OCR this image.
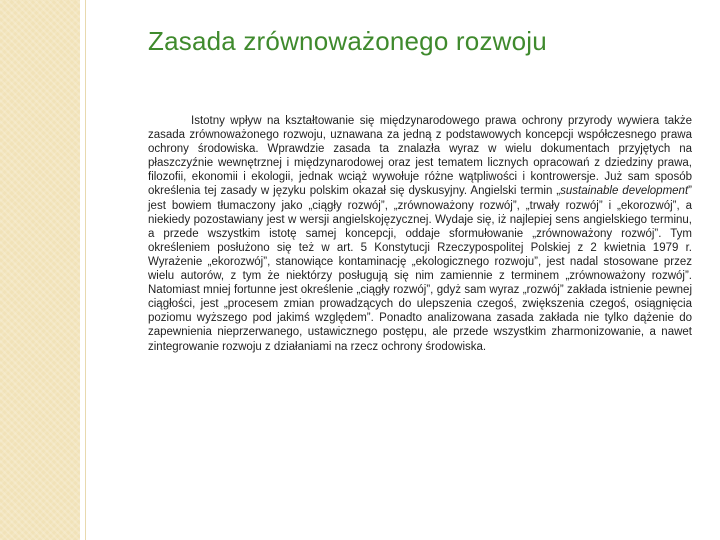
Zasada zrównoważonego rozwoju

Istotny wpływ na kształtowanie się międzynarodowego prawa ochrony przyrody wywiera także zasada zrównoważonego rozwoju, uznawana za jedną z podstawowych koncepcji współczesnego prawa ochrony środowiska. Wprawdzie zasada ta znalazła wyraz w wielu dokumentach przyjętych na płaszczyźnie wewnętrznej i międzynarodowej oraz jest tematem licznych opracowań z dziedziny prawa, filozofii, ekonomii i ekologii, jednak wciąż wywołuje różne wątpliwości i kontrowersje. Już sam sposób określenia tej zasady w języku polskim okazał się dyskusyjny. Angielski termin „sustainable development” jest bowiem tłumaczony jako „ciągły rozwój”, „zrównoważony rozwój”, „trwały rozwój” i „ekorozwój”, a niekiedy pozostawiany jest w wersji angielskojęzycznej. Wydaje się, iż najlepiej sens angielskiego terminu, a przede wszystkim istotę samej koncepcji, oddaje sformułowanie „zrównoważony rozwój”. Tym określeniem posłużono się też w art. 5 Konstytucji Rzeczypospolitej Polskiej z 2 kwietnia 1979 r. Wyrażenie „ekorozwój”, stanowiące kontaminację „ekologicznego rozwoju”, jest nadal stosowane przez wielu autorów, z tym że niektórzy posługują się nim zamiennie z terminem „zrównoważony rozwój”. Natomiast mniej fortunne jest określenie „ciągły rozwój”, gdyż sam wyraz „rozwój” zakłada istnienie pewnej ciągłości, jest „procesem zmian prowadzących do ulepszenia czegoś, zwiększenia czegoś, osiągnięcia poziomu wyższego pod jakimś względem”. Ponadto analizowana zasada zakłada nie tylko dążenie do zapewnienia nieprzerwanego, ustawicznego postępu, ale przede wszystkim zharmonizowanie, a nawet zintegrowanie rozwoju z działaniami na rzecz ochrony środowiska.
